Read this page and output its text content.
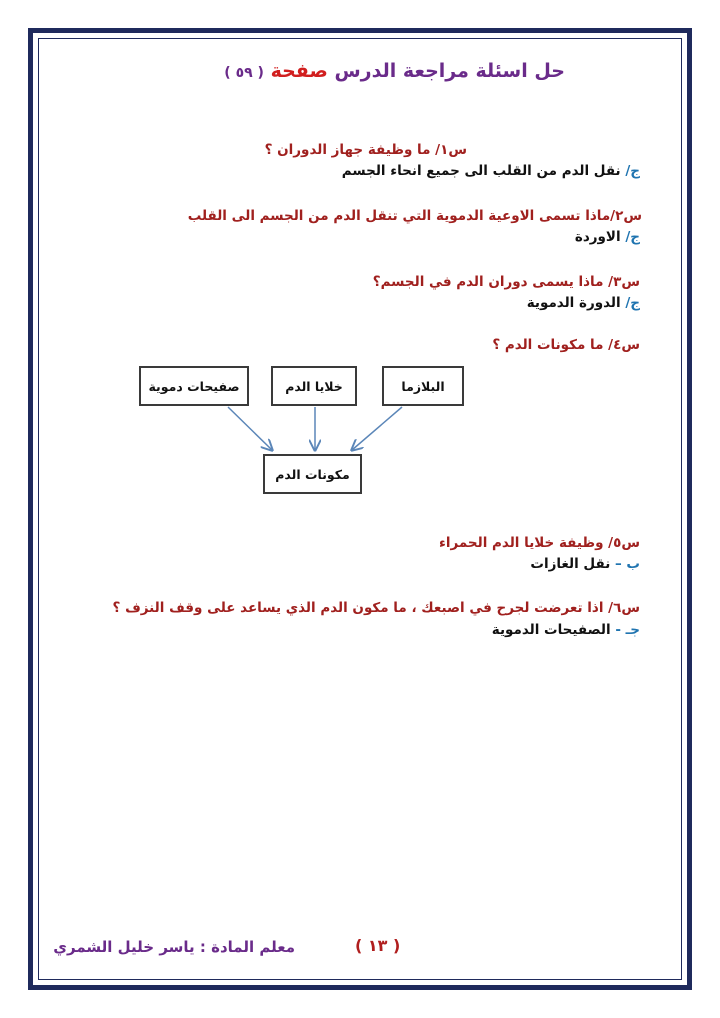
حل اسئلة مراجعة الدرس صفحة ( ٥٩ )
س١/ ما وظيفة جهاز الدوران ؟
ج/ نقل الدم من القلب الى جميع انحاء الجسم
س٢/ماذا تسمى الاوعية الدموية التي تنقل الدم من الجسم الى القلب
ج/ الاوردة
س٣/ ماذا يسمى دوران الدم في الجسم؟
ج/ الدورة الدموية
س٤/ ما مكونات الدم ؟
صفيحات دموية	خلايا الدم	البلازما
مكونات الدم
س٥/ وظيفة خلايا الدم الحمراء
ب – نقل الغازات
س٦/ اذا تعرضت لجرح في اصبعك ، ما مكون الدم الذي يساعد على وقف النزف ؟
جـ - الصفيحات الدموية
معلم المادة : ياسر خليل الشمري	( ١٣ )
